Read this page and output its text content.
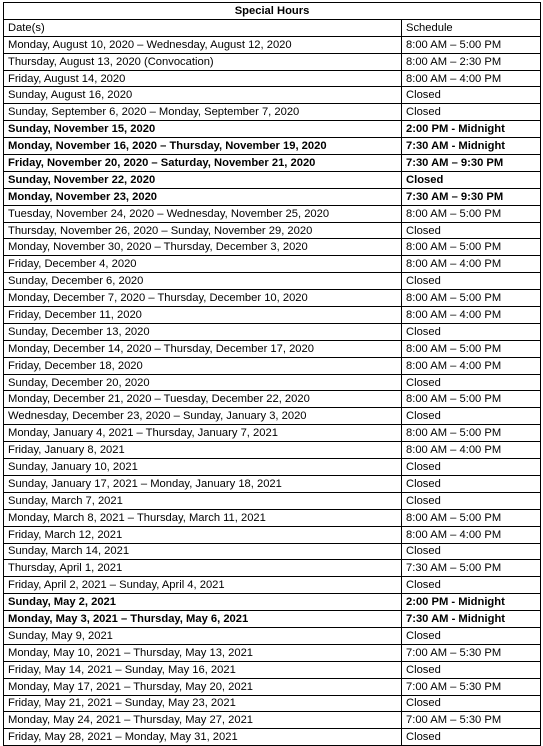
Special Hours	
Date(s)	Schedule
Monday, August 10, 2020 – Wednesday, August 12, 2020	8:00 AM – 5:00 PM
Thursday, August 13, 2020 (Convocation)	8:00 AM – 2:30 PM
Friday, August 14, 2020	8:00 AM – 4:00 PM
Sunday, August 16, 2020	Closed
Sunday, September 6, 2020 – Monday, September 7, 2020	Closed
Sunday, November 15, 2020	2:00 PM - Midnight
Monday, November 16, 2020 – Thursday, November 19, 2020	7:30 AM - Midnight
Friday, November 20, 2020 – Saturday, November 21, 2020	7:30 AM – 9:30 PM
Sunday, November 22, 2020	Closed
Monday, November 23, 2020	7:30 AM – 9:30 PM
Tuesday, November 24, 2020 – Wednesday, November 25, 2020	8:00 AM – 5:00 PM
Thursday, November 26, 2020 – Sunday, November 29, 2020	Closed
Monday, November 30, 2020 – Thursday, December 3, 2020	8:00 AM – 5:00 PM
Friday, December 4, 2020	8:00 AM – 4:00 PM
Sunday, December 6, 2020	Closed
Monday, December 7, 2020 – Thursday, December 10, 2020	8:00 AM – 5:00 PM
Friday, December 11, 2020	8:00 AM – 4:00 PM
Sunday, December 13, 2020	Closed
Monday, December 14, 2020 – Thursday, December 17, 2020	8:00 AM – 5:00 PM
Friday, December 18, 2020	8:00 AM – 4:00 PM
Sunday, December 20, 2020	Closed
Monday, December 21, 2020 – Tuesday, December 22, 2020	8:00 AM – 5:00 PM
Wednesday, December 23, 2020 – Sunday, January 3, 2020	Closed
Monday, January 4, 2021 – Thursday, January 7, 2021	8:00 AM – 5:00 PM
Friday, January 8, 2021	8:00 AM – 4:00 PM
Sunday, January 10, 2021	Closed
Sunday, January 17, 2021 – Monday, January 18, 2021	Closed
Sunday, March 7, 2021	Closed
Monday, March 8, 2021 – Thursday, March 11, 2021	8:00 AM – 5:00 PM
Friday, March 12, 2021	8:00 AM – 4:00 PM
Sunday, March 14, 2021	Closed
Thursday, April 1, 2021	7:30 AM – 5:00 PM
Friday, April 2, 2021 – Sunday, April 4, 2021	Closed
Sunday, May 2, 2021	2:00 PM - Midnight
Monday, May 3, 2021 – Thursday, May 6, 2021	7:30 AM - Midnight
Sunday, May 9, 2021	Closed
Monday, May 10, 2021 – Thursday, May 13, 2021	7:00 AM – 5:30 PM
Friday, May 14, 2021 – Sunday, May 16, 2021	Closed
Monday, May 17, 2021 – Thursday, May 20, 2021	7:00 AM – 5:30 PM
Friday, May 21, 2021 – Sunday, May 23, 2021	Closed
Monday, May 24, 2021 – Thursday, May 27, 2021	7:00 AM – 5:30 PM
Friday, May 28, 2021 – Monday, May 31, 2021	Closed
